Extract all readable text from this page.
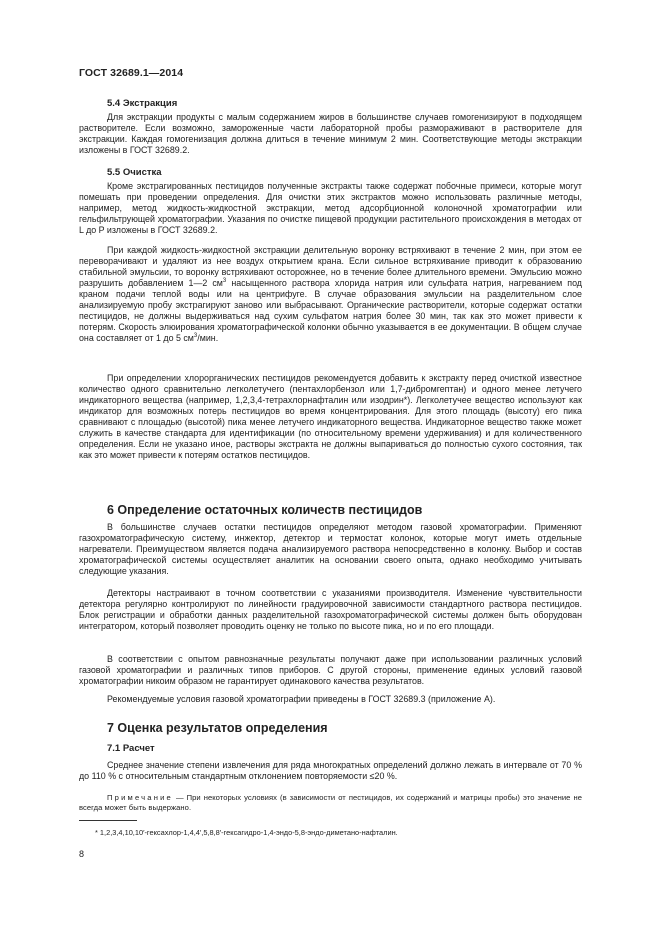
ГОСТ 32689.1—2014
5.4 Экстракция
Для экстракции продукты с малым содержанием жиров в большинстве случаев гомогенизируют в подходящем растворителе. Если возможно, замороженные части лабораторной пробы размораживают в растворителе для экстракции. Каждая гомогенизация должна длиться в течение минимум 2 мин. Соответствующие методы экстракции изложены в ГОСТ 32689.2.
5.5 Очистка
Кроме экстрагированных пестицидов полученные экстракты также содержат побочные примеси, которые могут помешать при проведении определения. Для очистки этих экстрактов можно использовать различные методы, например, метод жидкость-жидкостной экстракции, метод адсорбционной колоночной хроматографии или гельфильтрующей хроматографии. Указания по очистке пищевой продукции растительного происхождения в методах от L до P изложены в ГОСТ 32689.2.
При каждой жидкость-жидкостной экстракции делительную воронку встряхивают в течение 2 мин, при этом ее переворачивают и удаляют из нее воздух открытием крана. Если сильное встряхивание приводит к образованию стабильной эмульсии, то воронку встряхивают осторожнее, но в течение более длительного времени. Эмульсию можно разрушить добавлением 1—2 $см^3$ насыщенного раствора хлорида натрия или сульфата натрия, нагреванием под краном подачи теплой воды или на центрифуге. В случае образования эмульсии на разделительном слое анализируемую пробу экстрагируют заново или выбрасывают. Органические растворители, которые содержат остатки пестицидов, не должны выдерживаться над сухим сульфатом натрия более 30 мин, так как это может привести к потерям. Скорость элюирования хроматографической колонки обычно указывается в ее документации. В общем случае она составляет от 1 до 5 $см^3$/мин.
При определении хлорорганических пестицидов рекомендуется добавить к экстракту перед очисткой известное количество одного сравнительно легколетучего (пентахлорбензол или 1,7-дибромгептан) и одного менее летучего индикаторного вещества (например, 1,2,3,4-тетрахлорнафталин или изодрин*). Легколетучее вещество используют как индикатор для возможных потерь пестицидов во время концентрирования. Для этого площадь (высоту) его пика сравнивают с площадью (высотой) пика менее летучего индикаторного вещества. Индикаторное вещество также может служить в качестве стандарта для идентификации (по относительному времени удерживания) и для количественного определения. Если не указано иное, растворы экстракта не должны выпариваться до полностью сухого состояния, так как это может привести к потерям остатков пестицидов.
6 Определение остаточных количеств пестицидов
В большинстве случаев остатки пестицидов определяют методом газовой хроматографии. Применяют газохроматографическую систему, инжектор, детектор и термостат колонок, которые могут иметь отдельные нагреватели. Преимуществом является подача анализируемого раствора непосредственно в колонку. Выбор и состав хроматографической системы осуществляет аналитик на основании своего опыта, однако необходимо учитывать следующие указания.
Детекторы настраивают в точном соответствии с указаниями производителя. Изменение чувствительности детектора регулярно контролируют по линейности градуировочной зависимости стандартного раствора пестицидов. Блок регистрации и обработки данных разделительной газохроматографической системы должен быть оборудован интегратором, который позволяет проводить оценку не только по высоте пика, но и по его площади.
В соответствии с опытом равнозначные результаты получают даже при использовании различных условий газовой хроматографии и различных типов приборов. С другой стороны, применение единых условий газовой хроматографии никоим образом не гарантирует одинакового качества результатов.
Рекомендуемые условия газовой хроматографии приведены в ГОСТ 32689.3 (приложение А).
7 Оценка результатов определения
7.1 Расчет
Среднее значение степени извлечения для ряда многократных определений должно лежать в интервале от 70 % до 110 % с относительным стандартным отклонением повторяемости ≤20 %.
Примечание — При некоторых условиях (в зависимости от пестицидов, их содержаний и матрицы пробы) это значение не всегда может быть выдержано.
* 1,2,3,4,10,10′-гексахлор-1,4,4′,5,8,8′-гексагидро-1,4-эндо-5,8-эндо-диметано-нафталин.
8
